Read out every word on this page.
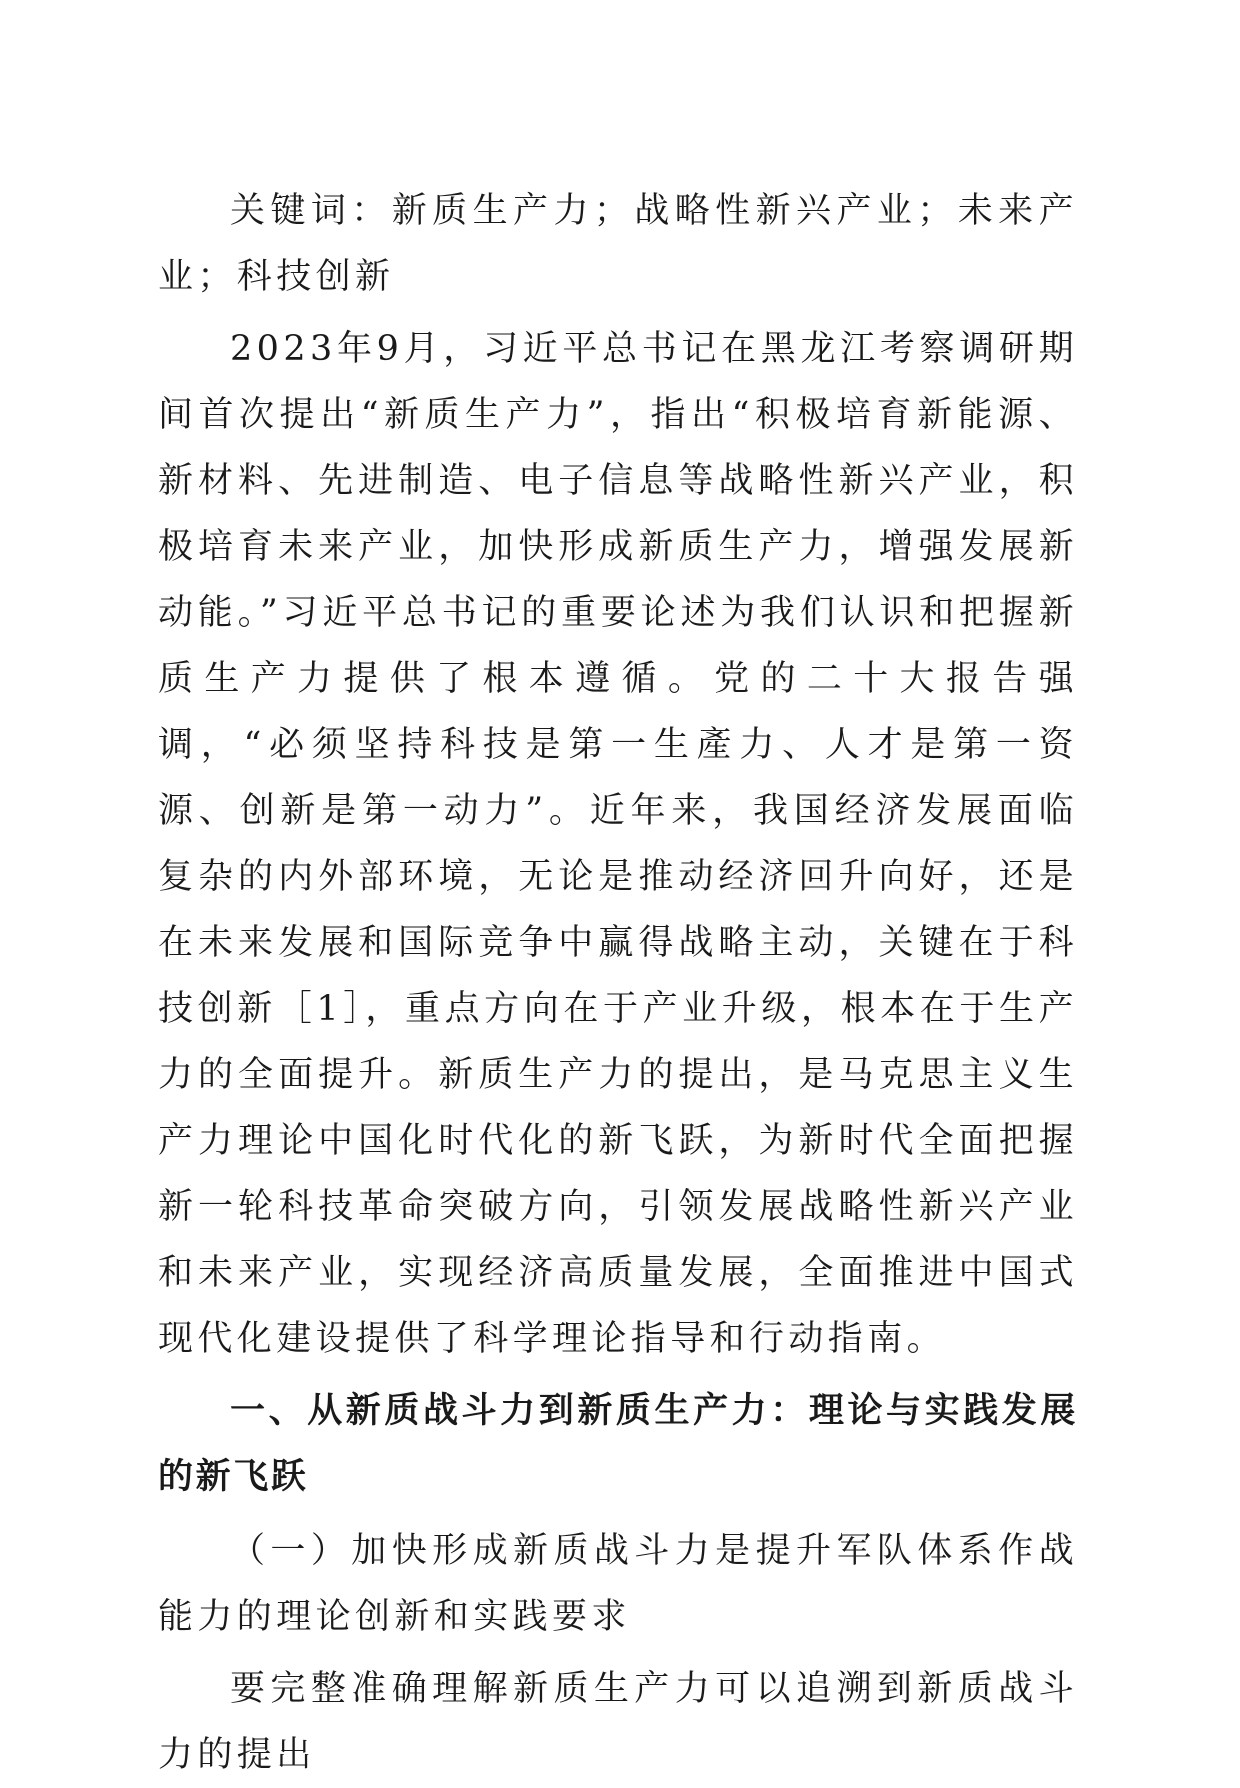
关键词：新质生产力；战略性新兴产业；未来产业；科技创新

2023年9月，习近平总书记在黑龙江考察调研期间首次提出“新质生产力”，指出“积极培育新能源、新材料、先进制造、电子信息等战略性新兴产业，积极培育未来产业，加快形成新质生产力，增强发展新动能。”习近平总书记的重要论述为我们认识和把握新质生产力提供了根本遵循。党的二十大报告强调，“必须坚持科技是第一生產力、人才是第一资源、创新是第一动力”。近年来，我国经济发展面临复杂的内外部环境，无论是推动经济回升向好，还是在未来发展和国际竞争中赢得战略主动，关键在于科技创新［1］，重点方向在于产业升级，根本在于生产力的全面提升。新质生产力的提出，是马克思主义生产力理论中国化时代化的新飞跃，为新时代全面把握新一轮科技革命突破方向，引领发展战略性新兴产业和未来产业，实现经济高质量发展，全面推进中国式现代化建设提供了科学理论指导和行动指南。

一、从新质战斗力到新质生产力：理论与实践发展的新飞跃

（一）加快形成新质战斗力是提升军队体系作战能力的理论创新和实践要求

要完整准确理解新质生产力可以追溯到新质战斗力的提出
